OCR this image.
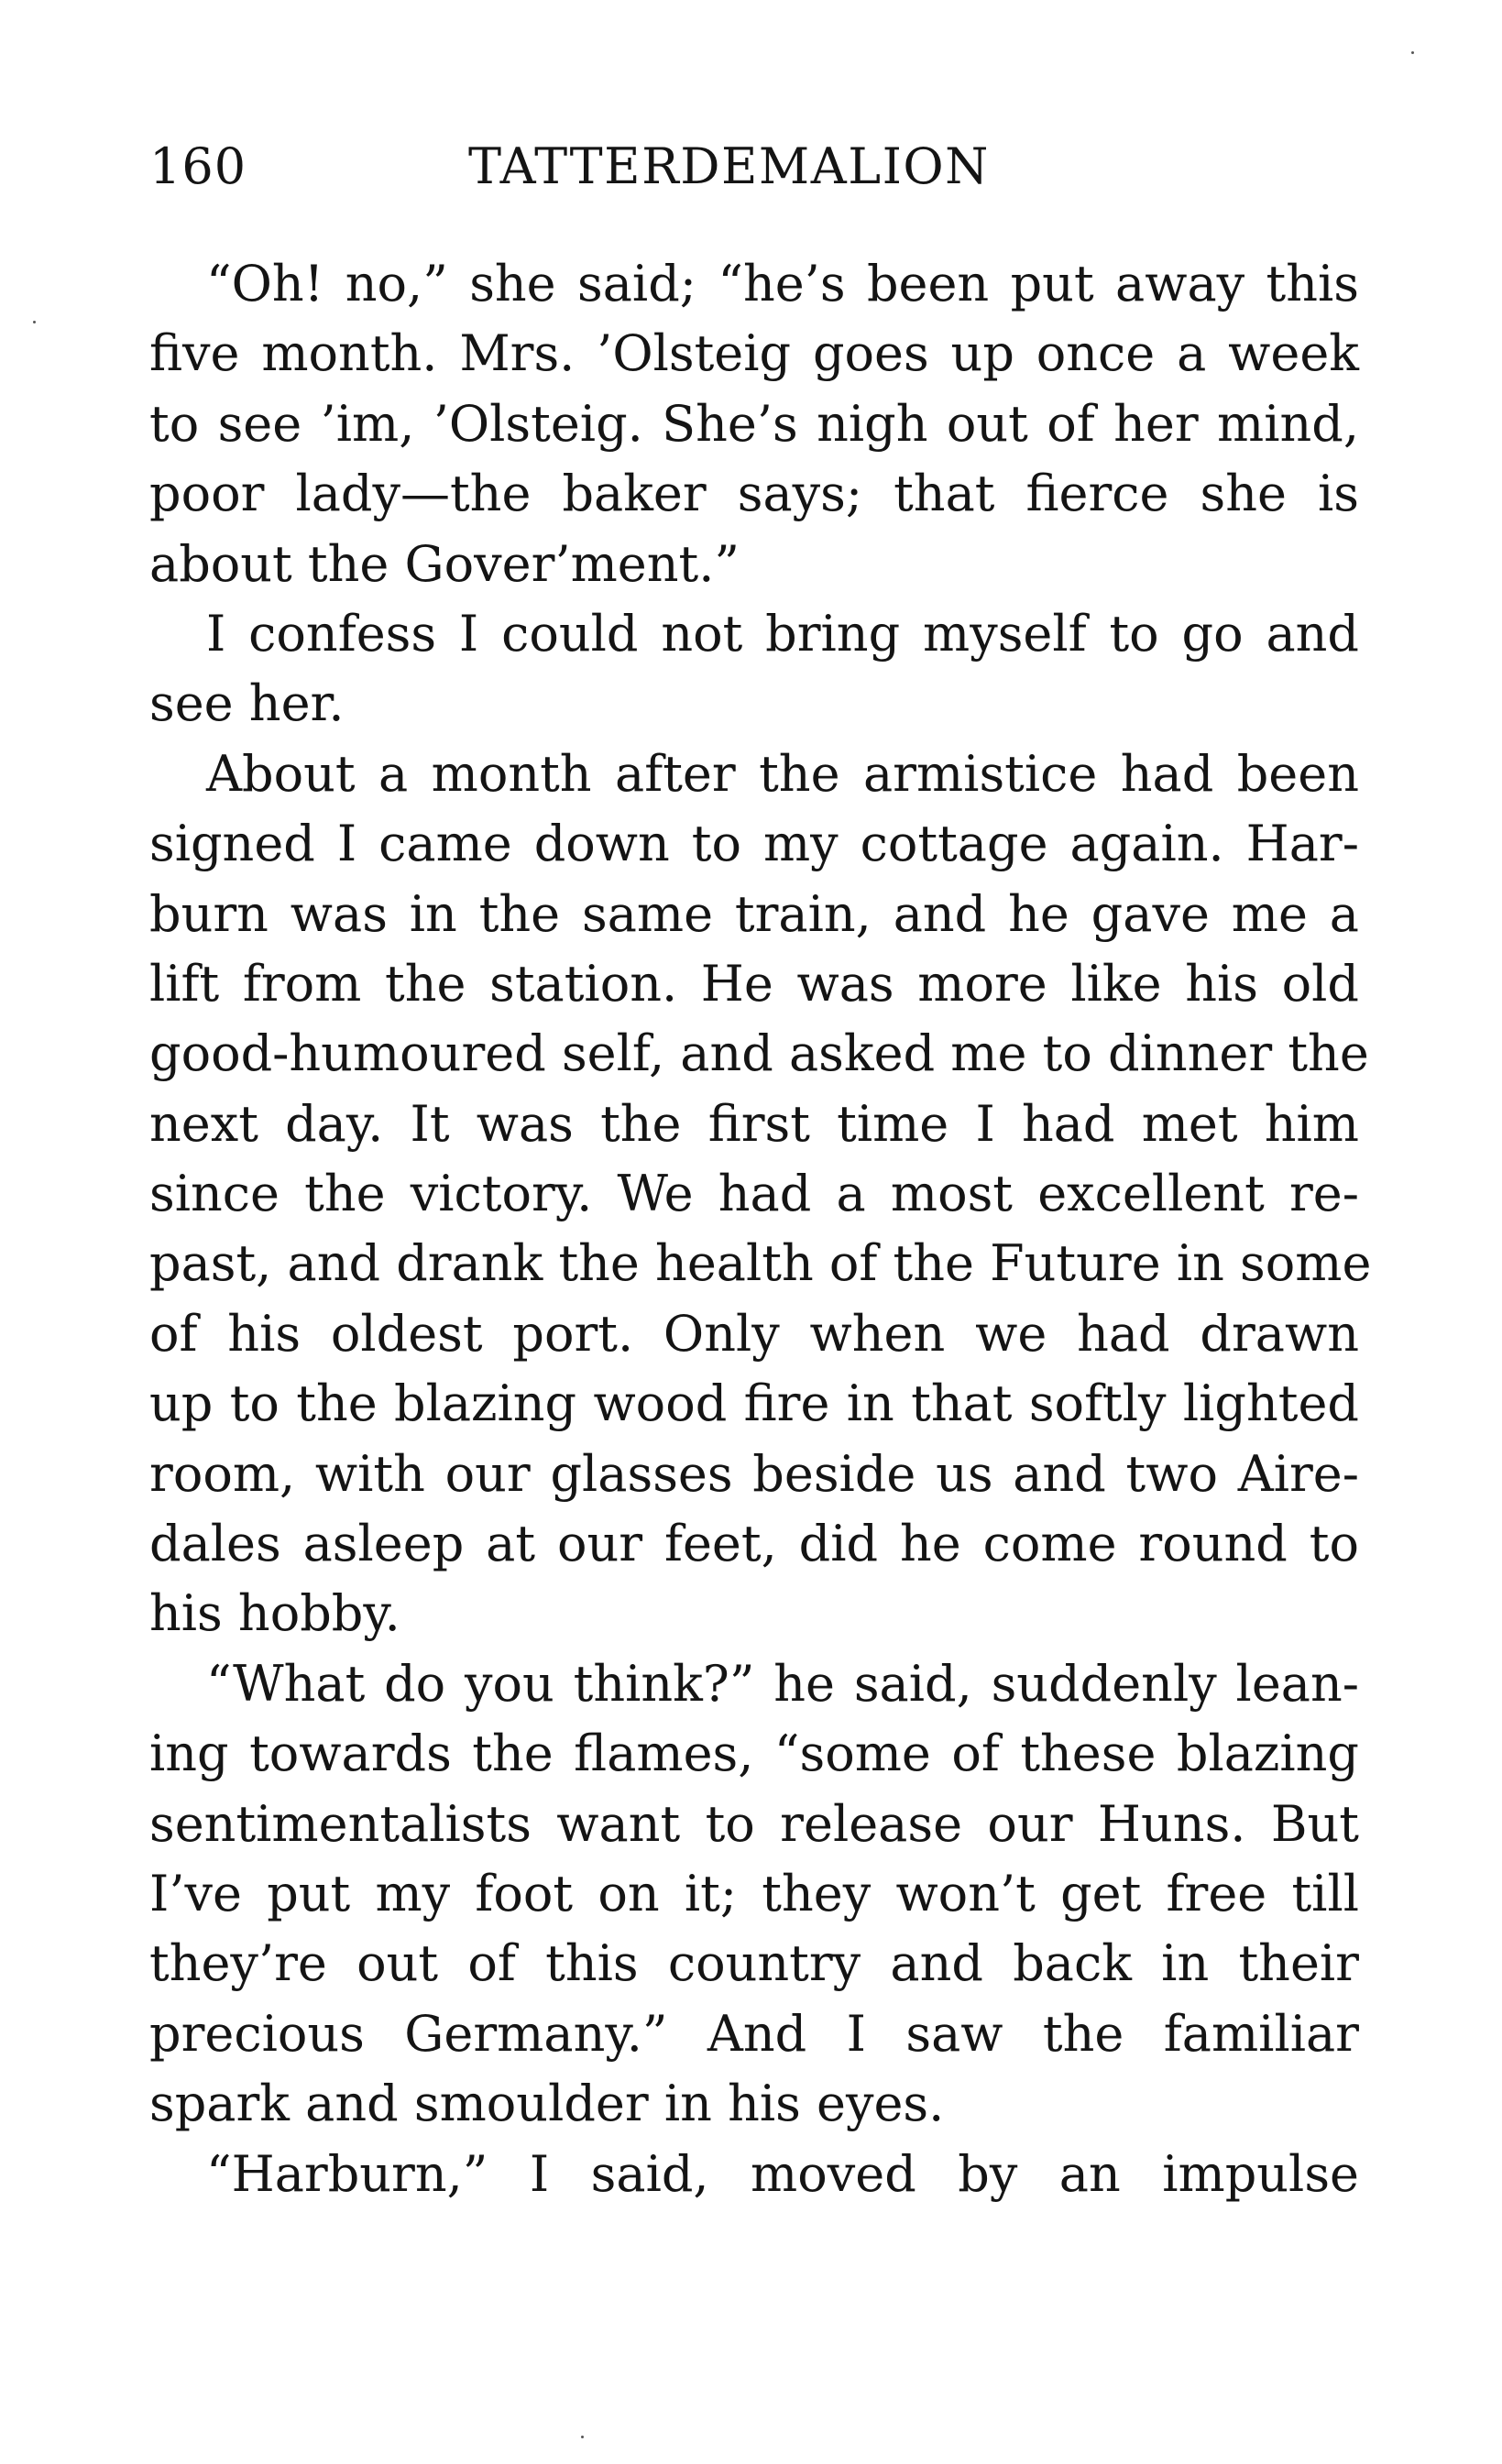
160	TATTERDEMALION
“Oh! no,” she said; “he’s been put away this
five month. Mrs. ’Olsteig goes up once a week
to see ’im, ’Olsteig. She’s nigh out of her mind,
poor lady—the baker says; that fierce she is
about the Gover’ment.”
I confess I could not bring myself to go and
see her.
About a month after the armistice had been
signed I came down to my cottage again. Har-
burn was in the same train, and he gave me a
lift from the station. He was more like his old
good-humoured self, and asked me to dinner the
next day. It was the first time I had met him
since the victory. We had a most excellent re-
past, and drank the health of the Future in some
of his oldest port. Only when we had drawn
up to the blazing wood fire in that softly lighted
room, with our glasses beside us and two Aire-
dales asleep at our feet, did he come round to
his hobby.
“What do you think?” he said, suddenly lean-
ing towards the flames, “some of these blazing
sentimentalists want to release our Huns. But
I’ve put my foot on it; they won’t get free till
they’re out of this country and back in their
precious Germany.” And I saw the familiar
spark and smoulder in his eyes.
“Harburn,” I said, moved by an impulse
